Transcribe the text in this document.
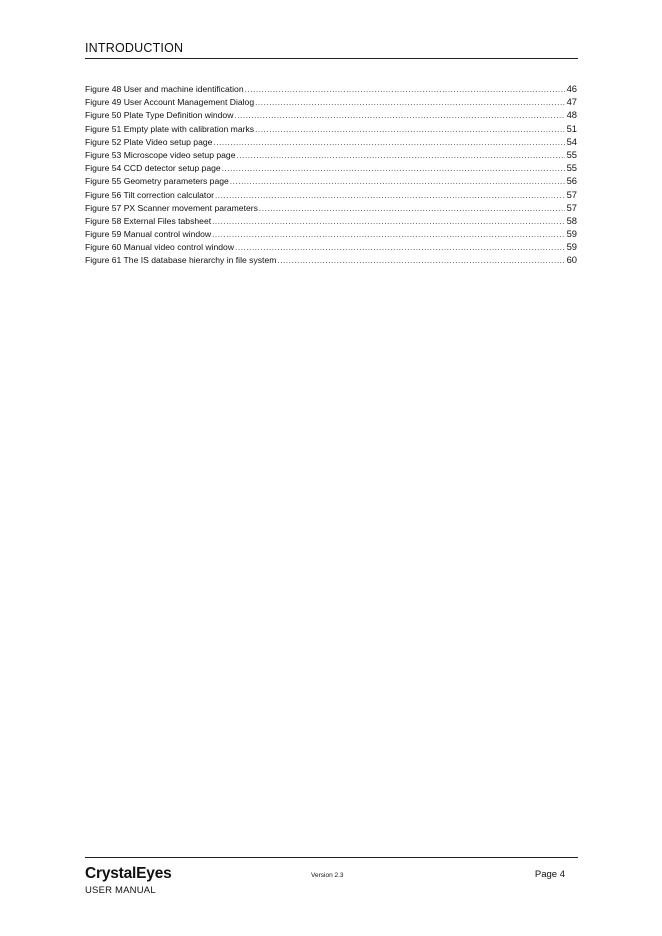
INTRODUCTION
Figure 48 User and machine identification .....	46
Figure 49 User Account Management Dialog .....	47
Figure 50 Plate Type Definition window .....	48
Figure 51 Empty plate with calibration marks .....	51
Figure 52 Plate Video setup page .....	54
Figure 53 Microscope video setup page .....	55
Figure 54 CCD detector setup page .....	55
Figure 55 Geometry parameters page .....	56
Figure 56 Tilt correction calculator .....	57
Figure 57 PX Scanner movement parameters .....	57
Figure 58 External Files tabsheet .....	58
Figure 59 Manual control window .....	59
Figure 60 Manual video control window .....	59
Figure 61 The IS database hierarchy in file system .....	60
CrystalEyes
USER MANUAL
Version 2.3	Page 4
